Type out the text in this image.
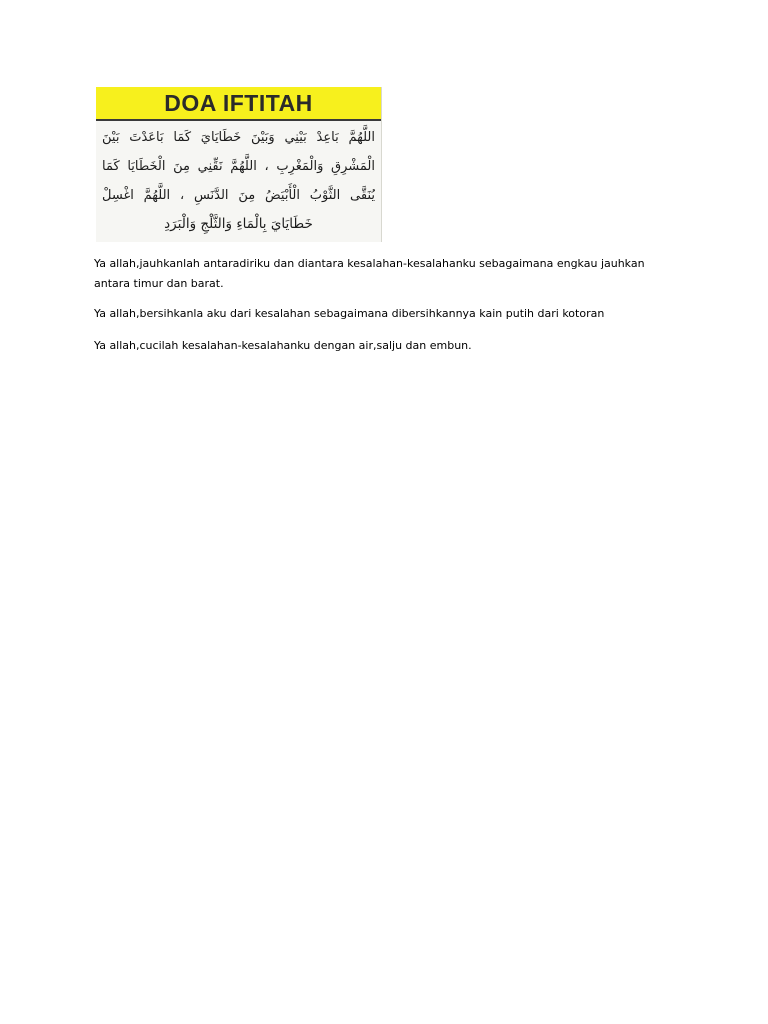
DOA IFTITAH
اللَّهُمَّ بَاعِدْ بَيْنِي وَبَيْنَ خَطَايَايَ كَمَا بَاعَدْتَ بَيْنَ
الْمَشْرِقِ وَالْمَغْرِبِ ، اللَّهُمَّ نَقِّنِي مِنَ الْخَطَايَا كَمَا
يُنَقَّى الثَّوْبُ الْأَبْيَضُ مِنَ الدَّنَسِ ، اللَّهُمَّ اغْسِلْ
خَطَايَايَ بِالْمَاءِ وَالثَّلْجِ وَالْبَرَدِ

Ya allah,jauhkanlah antaradiriku dan diantara kesalahan-kesalahanku sebagaimana engkau jauhkan
antara timur dan barat.

Ya allah,bersihkanla aku dari kesalahan sebagaimana dibersihkannya kain putih dari kotoran

Ya allah,cucilah kesalahan-kesalahanku dengan air,salju dan embun.
